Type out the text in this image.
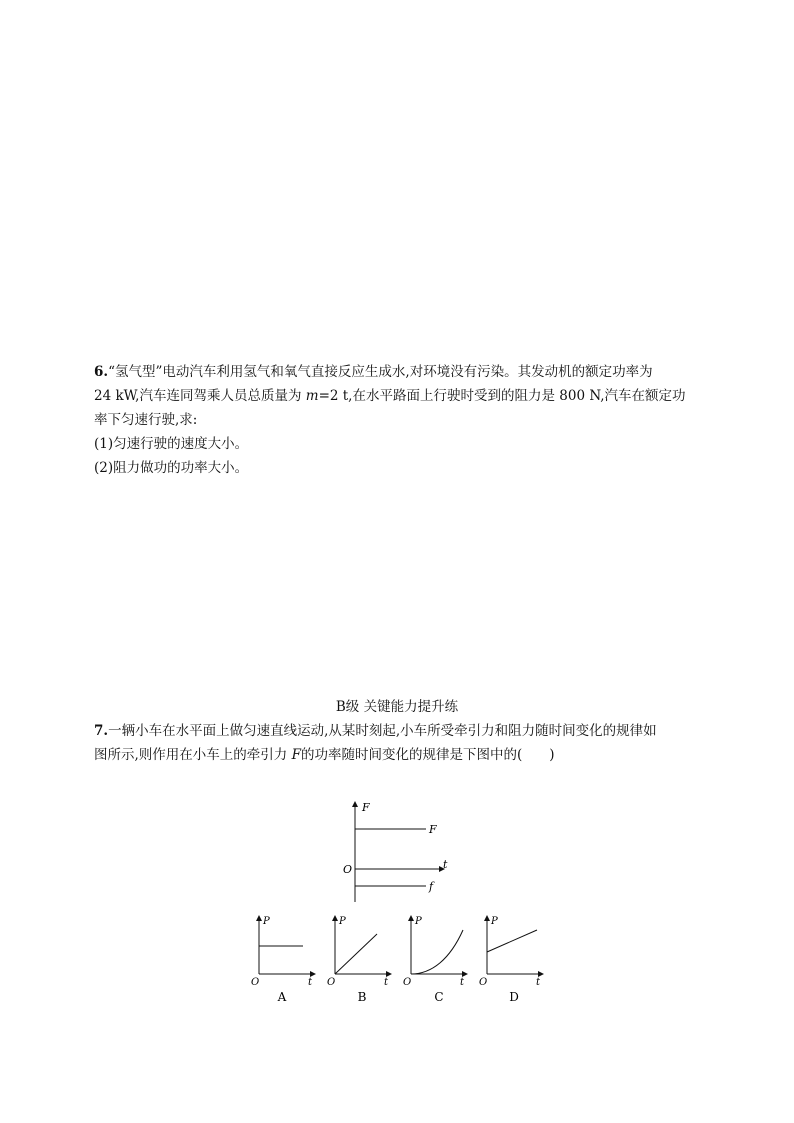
6.“氢气型”电动汽车利用氢气和氧气直接反应生成水,对环境没有污染。其发动机的额定功率为
24 kW,汽车连同驾乘人员总质量为 m=2 t,在水平路面上行驶时受到的阻力是 800 N,汽车在额定功
率下匀速行驶,求:
(1)匀速行驶的速度大小。
(2)阻力做功的功率大小。
B级 关键能力提升练
7.一辆小车在水平面上做匀速直线运动,从某时刻起,小车所受牵引力和阻力随时间变化的规律如
图所示,则作用在小车上的牵引力 F的功率随时间变化的规律是下图中的(　　)
F
t
O
F
f
P
t
O
A
P
t
O
B
P
t
O
C
P
t
O
D
